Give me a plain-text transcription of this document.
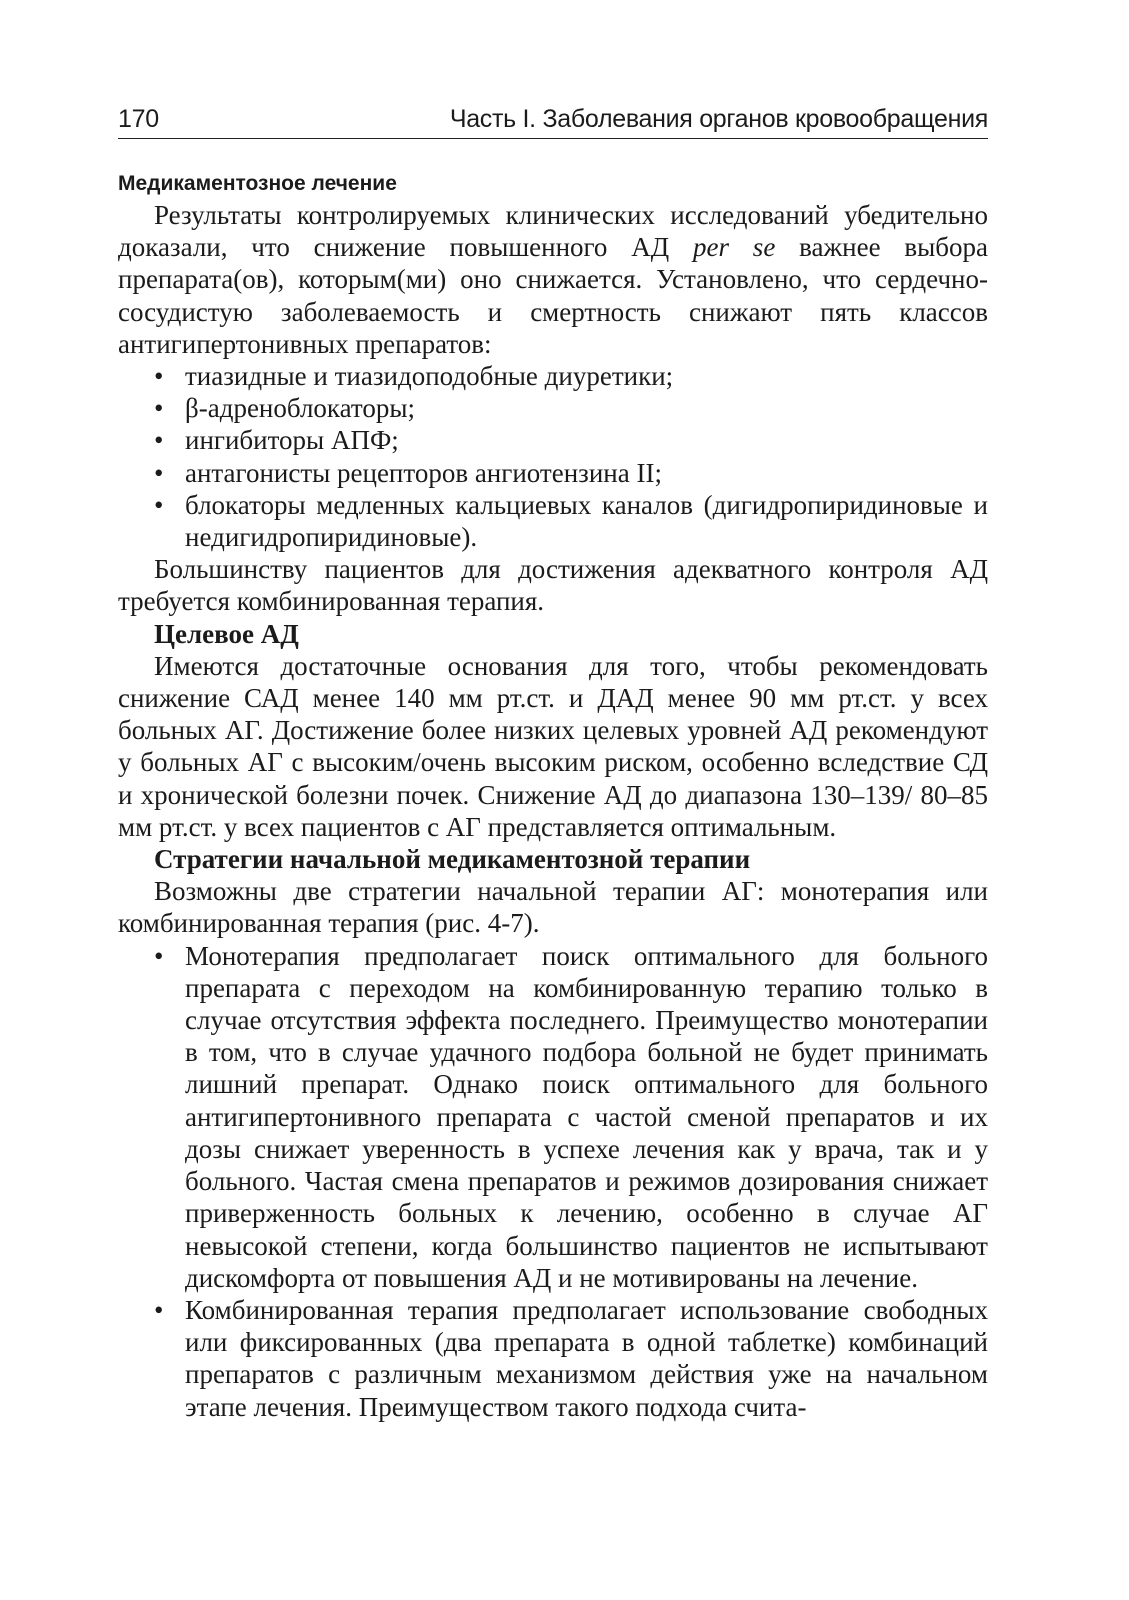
170	Часть I. Заболевания органов кровообращения
Медикаментозное лечение

Результаты контролируемых клинических исследований убедительно доказали, что снижение повышенного АД per se важнее выбора препарата(ов), которым(ми) оно снижается. Установлено, что сердечно-сосудистую заболеваемость и смертность снижают пять классов антигипертонивных препаратов:

• тиазидные и тиазидоподобные диуретики;
• β-адреноблокаторы;
• ингибиторы АПФ;
• антагонисты рецепторов ангиотензина II;
• блокаторы медленных кальциевых каналов (дигидропиридиновые и недигидропиридиновые).

Большинству пациентов для достижения адекватного контроля АД требуется комбинированная терапия.

Целевое АД

Имеются достаточные основания для того, чтобы рекомендовать снижение САД менее 140 мм рт.ст. и ДАД менее 90 мм рт.ст. у всех больных АГ. Достижение более низких целевых уровней АД рекомендуют у больных АГ с высоким/очень высоким риском, особенно вследствие СД и хронической болезни почек. Снижение АД до диапазона 130–139/ 80–85 мм рт.ст. у всех пациентов с АГ представляется оптимальным.

Стратегии начальной медикаментозной терапии

Возможны две стратегии начальной терапии АГ: монотерапия или комбинированная терапия (рис. 4-7).

• Монотерапия предполагает поиск оптимального для больного препарата с переходом на комбинированную терапию только в случае отсутствия эффекта последнего. Преимущество монотерапии в том, что в случае удачного подбора больной не будет принимать лишний препарат. Однако поиск оптимального для больного антигипертонивного препарата с частой сменой препаратов и их дозы снижает уверенность в успехе лечения как у врача, так и у больного. Частая смена препаратов и режимов дозирования снижает приверженность больных к лечению, особенно в случае АГ невысокой степени, когда большинство пациентов не испытывают дискомфорта от повышения АД и не мотивированы на лечение.
• Комбинированная терапия предполагает использование свободных или фиксированных (два препарата в одной таблетке) комбинаций препаратов с различным механизмом действия уже на начальном этапе лечения. Преимуществом такого подхода счита-
